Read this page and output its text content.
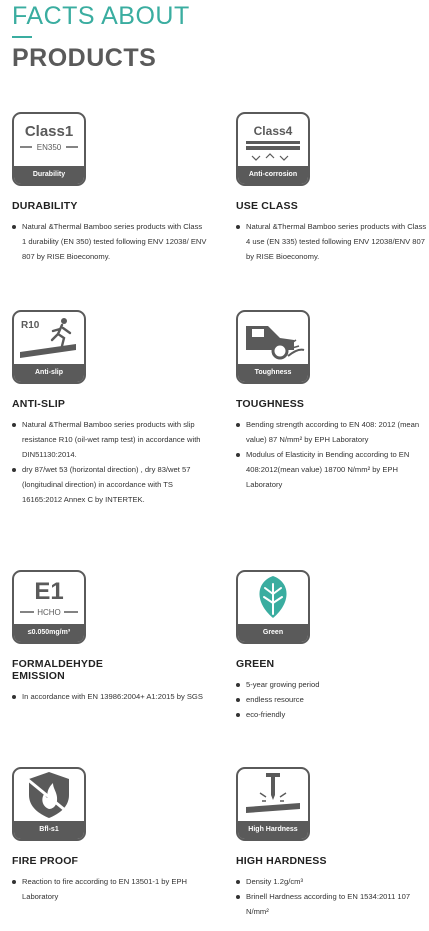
FACTS ABOUT
PRODUCTS
Class1
EN350
Durability
DURABILITY
Natural &Thermal Bamboo series products with Class 1 durability (EN 350) tested following ENV 12038/ ENV 807 by RISE Bioeconomy.
Class4
Anti-corrosion
USE CLASS
Natural &Thermal Bamboo series products with Class 4 use (EN 335) tested following ENV 12038/ENV 807 by RISE Bioeconomy.
R10
Anti-slip
ANTI-SLIP
Natural &Thermal Bamboo series products with slip resistance R10 (oil-wet ramp test) in accordance with DIN51130:2014.
dry 87/wet 53 (horizontal direction) , dry 83/wet 57 (longitudinal direction) in accordance with TS 16165:2012 Annex C by INTERTEK.
Toughness
TOUGHNESS
Bending strength according to EN 408: 2012 (mean value) 87 N/mm² by EPH Laboratory
Modulus of Elasticity in Bending according to EN 408:2012(mean value) 18700 N/mm² by EPH Laboratory
E1
HCHO
≤0.050mg/m³
FORMALDEHYDE
EMISSION
In accordance with EN 13986:2004+ A1:2015 by SGS
Green
GREEN
5-year growing period
endless resource
eco-friendly
Bfl-s1
FIRE PROOF
Reaction to fire according to EN 13501-1 by EPH Laboratory
High Hardness
HIGH HARDNESS
Density 1.2g/cm³
Brinell Hardness according to EN 1534:2011 107 N/mm²
